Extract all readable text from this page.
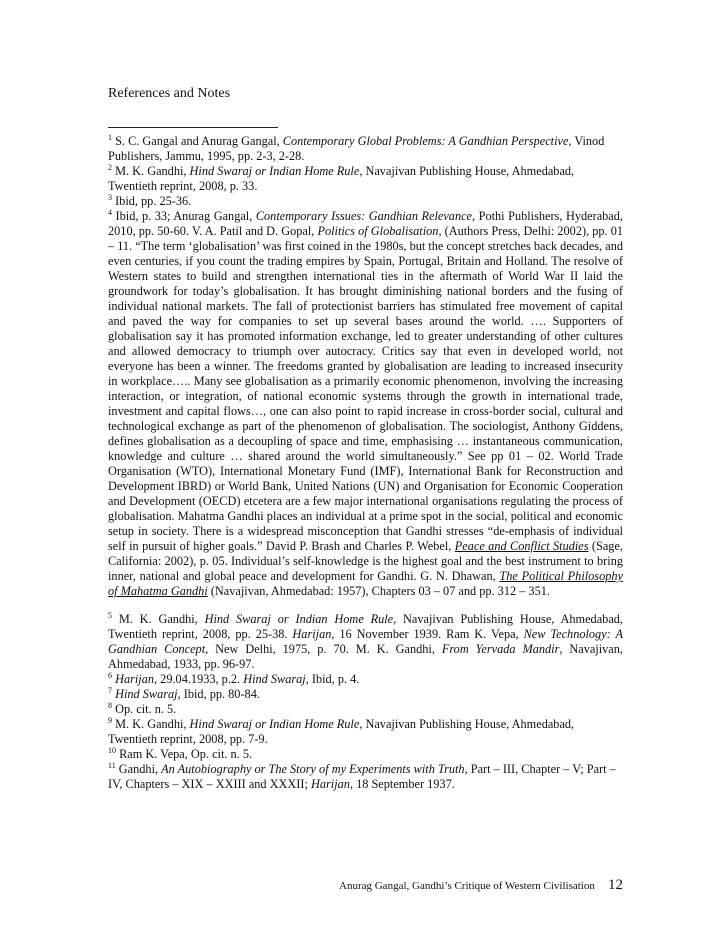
References and Notes

$^1$ S. C. Gangal and Anurag Gangal, Contemporary Global Problems: A Gandhian Perspective, Vinod Publishers, Jammu, 1995, pp. 2-3, 2-28.

$^2$ M. K. Gandhi, Hind Swaraj or Indian Home Rule, Navajivan Publishing House, Ahmedabad, Twentieth reprint, 2008, p. 33.

$^3$ Ibid, pp. 25-36.

$^4$ Ibid, p. 33; Anurag Gangal, Contemporary Issues: Gandhian Relevance, Pothi Publishers, Hyderabad, 2010, pp. 50-60. V. A. Patil and D. Gopal, Politics of Globalisation, (Authors Press, Delhi: 2002), pp. 01 – 11. “The term ‘globalisation’ was first coined in the 1980s, but the concept stretches back decades, and even centuries, if you count the trading empires by Spain, Portugal, Britain and Holland. The resolve of Western states to build and strengthen international ties in the aftermath of World War II laid the groundwork for today’s globalisation. It has brought diminishing national borders and the fusing of individual national markets. The fall of protectionist barriers has stimulated free movement of capital and paved the way for companies to set up several bases around the world. …. Supporters of globalisation say it has promoted information exchange, led to greater understanding of other cultures and allowed democracy to triumph over autocracy. Critics say that even in developed world, not everyone has been a winner. The freedoms granted by globalisation are leading to increased insecurity in workplace….. Many see globalisation as a primarily economic phenomenon, involving the increasing interaction, or integration, of national economic systems through the growth in international trade, investment and capital flows…, one can also point to rapid increase in cross-border social, cultural and technological exchange as part of the phenomenon of globalisation. The sociologist, Anthony Giddens, defines globalisation as a decoupling of space and time, emphasising … instantaneous communication, knowledge and culture … shared around the world simultaneously.” See pp 01 – 02. World Trade Organisation (WTO), International Monetary Fund (IMF), International Bank for Reconstruction and Development IBRD) or World Bank, United Nations (UN) and Organisation for Economic Cooperation and Development (OECD) etcetera are a few major international organisations regulating the process of globalisation. Mahatma Gandhi places an individual at a prime spot in the social, political and economic setup in society. There is a widespread misconception that Gandhi stresses “de-emphasis of individual self in pursuit of higher goals.” David P. Brash and Charles P. Webel, Peace and Conflict Studies (Sage, California: 2002), p. 05. Individual’s self-knowledge is the highest goal and the best instrument to bring inner, national and global peace and development for Gandhi. G. N. Dhawan, The Political Philosophy of Mahatma Gandhi (Navajivan, Ahmedabad: 1957), Chapters 03 – 07 and pp. 312 – 351.

$^5$ M. K. Gandhi, Hind Swaraj or Indian Home Rule, Navajivan Publishing House, Ahmedabad, Twentieth reprint, 2008, pp. 25-38. Harijan, 16 November 1939. Ram K. Vepa, New Technology: A Gandhian Concept, New Delhi, 1975, p. 70. M. K. Gandhi, From Yervada Mandir, Navajivan, Ahmedabad, 1933, pp. 96-97.

$^6$ Harijan, 29.04.1933, p.2. Hind Swaraj, Ibid, p. 4.

$^7$ Hind Swaraj, Ibid, pp. 80-84.

$^8$ Op. cit. n. 5.

$^9$ M. K. Gandhi, Hind Swaraj or Indian Home Rule, Navajivan Publishing House, Ahmedabad, Twentieth reprint, 2008, pp. 7-9.

$^{10}$ Ram K. Vepa, Op. cit. n. 5.

$^{11}$ Gandhi, An Autobiography or The Story of my Experiments with Truth, Part – III, Chapter – V; Part – IV, Chapters – XIX – XXIII and XXXII; Harijan, 18 September 1937.

Anurag Gangal, Gandhi’s Critique of Western Civilisation 12
